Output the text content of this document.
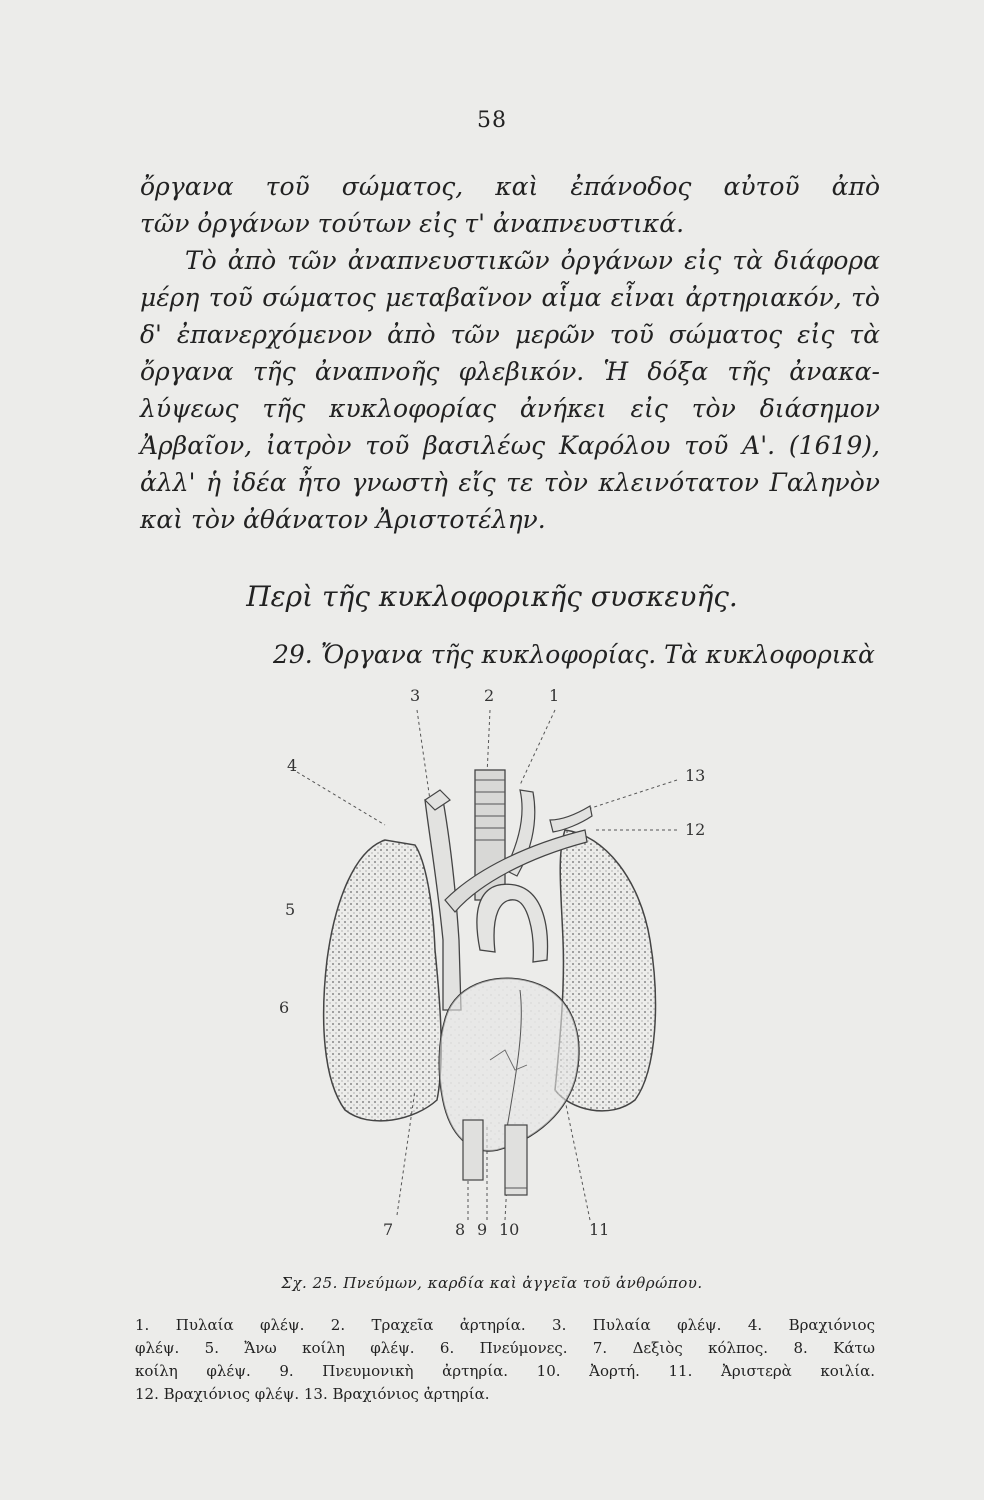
58
ὄργανα τοῦ σώματος, καὶ ἐπάνοδος αὐτοῦ ἀπὸ
τῶν ὀργάνων τούτων εἰς τ' ἀναπνευστικά.
Τὸ ἀπὸ τῶν ἀναπνευστικῶν ὀργάνων εἰς τὰ διάφορα
μέρη τοῦ σώματος μεταβαῖνον αἷμα εἶναι ἀρτηριακόν, τὸ
δ' ἐπανερχόμενον ἀπὸ τῶν μερῶν τοῦ σώματος εἰς τὰ
ὄργανα τῆς ἀναπνοῆς φλεβικόν. Ἡ δόξα τῆς ἀνακα-
λύψεως τῆς κυκλοφορίας ἀνήκει εἰς τὸν διάσημον
Ἀρβαῖον, ἰατρὸν τοῦ βασιλέως Καρόλου τοῦ Α'. (1619),
ἀλλ' ἡ ἰδέα ἦτο γνωστὴ εἴς τε τὸν κλεινότατον Γαληνὸν
καὶ τὸν ἀθάνατον Ἀριστοτέλην.
Περὶ τῆς κυκλοφορικῆς συσκευῆς.
29. Ὄργανα τῆς κυκλοφορίας. Τὰ κυκλοφορικὰ
1
2
3
4
5
6
7	8 9 10	11
12
13
Σχ. 25. Πνεύμων, καρδία καὶ ἀγγεῖα τοῦ ἀνθρώπου.
1. Πυλαία φλέψ. 2. Τραχεῖα ἀρτηρία. 3. Πυλαία φλέψ. 4. Βραχιόνιος
φλέψ. 5. Ἄνω κοίλη φλέψ. 6. Πνεύμονες. 7. Δεξιὸς κόλπος. 8. Κάτω
κοίλη φλέψ. 9. Πνευμονικὴ ἀρτηρία. 10. Ἀορτή. 11. Ἀριστερὰ κοιλία.
12. Βραχιόνιος φλέψ. 13. Βραχιόνιος ἀρτηρία.
